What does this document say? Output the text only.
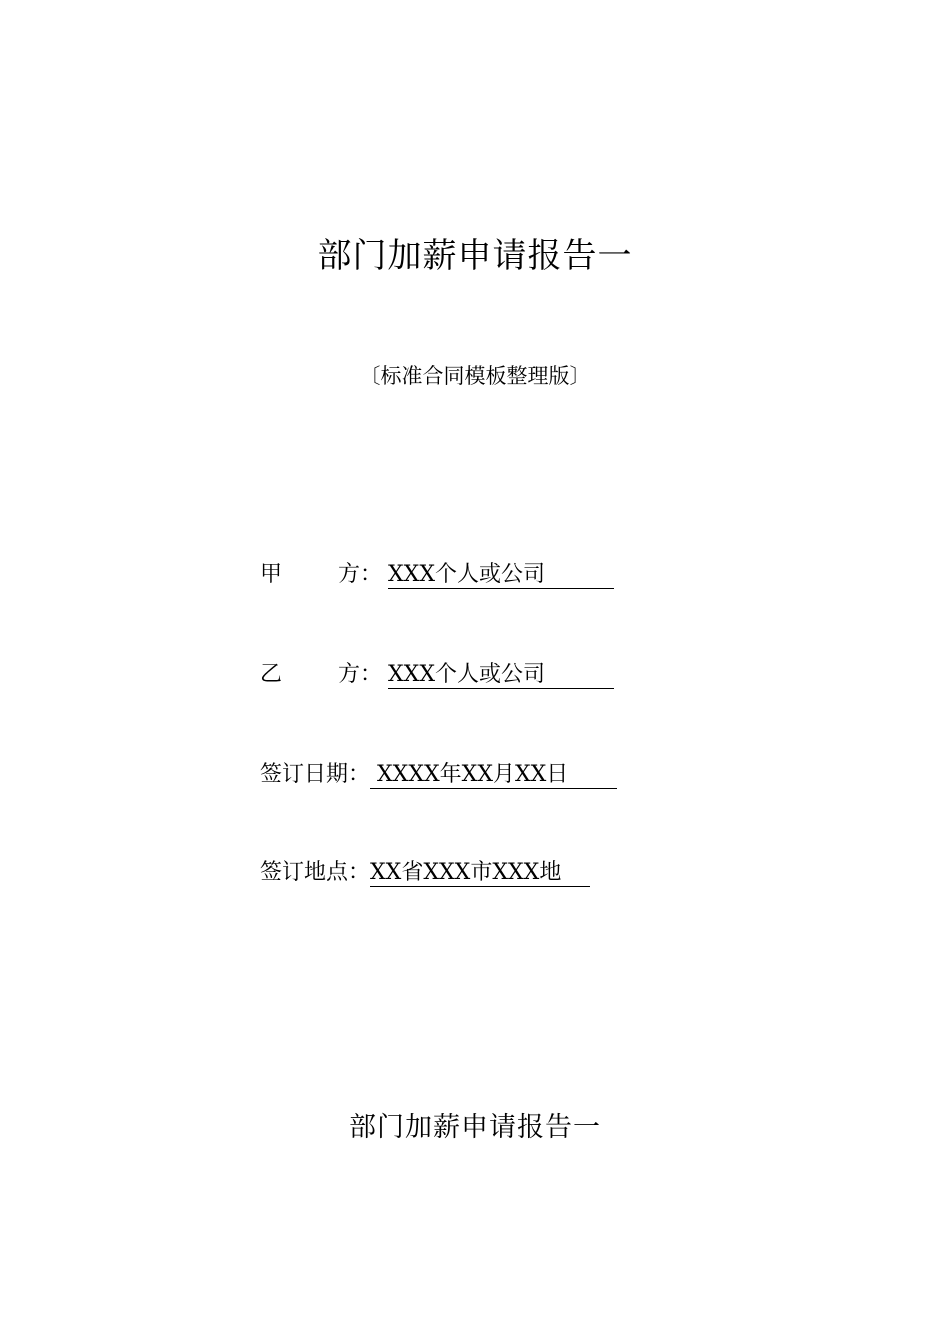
部门加薪申请报告一
〔标准合同模板整理版〕
甲	方： XXX个人或公司
乙	方： XXX个人或公司
签订日期： XXXX年XX月XX日
签订地点：XX省XXX市XXX地
部门加薪申请报告一
